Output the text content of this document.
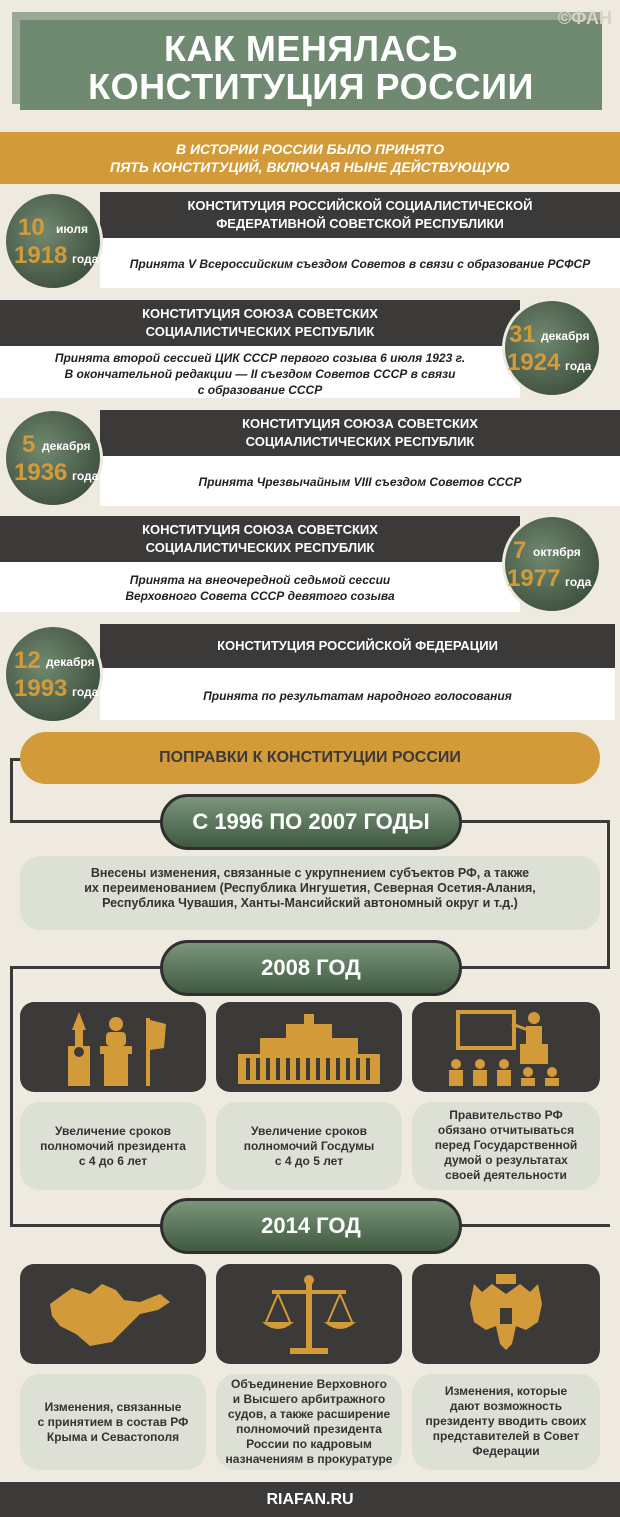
КАК МЕНЯЛАСЬ
КОНСТИТУЦИЯ РОССИИ
©ФАН
В ИСТОРИИ РОССИИ БЫЛО ПРИНЯТО
ПЯТЬ КОНСТИТУЦИЙ, ВКЛЮЧАЯ НЫНЕ ДЕЙСТВУЮЩУЮ
КОНСТИТУЦИЯ РОССИЙСКОЙ СОЦИАЛИСТИЧЕСКОЙ
ФЕДЕРАТИВНОЙ СОВЕТСКОЙ РЕСПУБЛИКИ
Принята V Всероссийским съездом Советов в связи с образование РСФСР
10 июля
1918 года
КОНСТИТУЦИЯ СОЮЗА СОВЕТСКИХ
СОЦИАЛИСТИЧЕСКИХ РЕСПУБЛИК
Принята второй сессией ЦИК СССР первого созыва 6 июля 1923 г.
В окончательной редакции — II съездом Советов СССР в связи
с образование СССР
31 декабря
1924 года
КОНСТИТУЦИЯ СОЮЗА СОВЕТСКИХ
СОЦИАЛИСТИЧЕСКИХ РЕСПУБЛИК
Принята Чрезвычайным VIII съездом Советов СССР
5 декабря
1936 года
КОНСТИТУЦИЯ СОЮЗА СОВЕТСКИХ
СОЦИАЛИСТИЧЕСКИХ РЕСПУБЛИК
Принята на внеочередной седьмой сессии
Верховного Совета СССР девятого созыва
7 октября
1977 года
КОНСТИТУЦИЯ РОССИЙСКОЙ ФЕДЕРАЦИИ
Принята по результатам народного голосования
12 декабря
1993 года
ПОПРАВКИ К КОНСТИТУЦИИ РОССИИ
С 1996 ПО 2007 ГОДЫ
Внесены изменения, связанные с укрупнением субъектов РФ, а также
их переименованием (Республика Ингушетия, Северная Осетия-Алания,
Республика Чувашия, Ханты-Мансийский автономный округ и т.д.)
2008 ГОД
Увеличение сроков
полномочий президента
с 4 до 6 лет
Увеличение сроков
полномочий Госдумы
с 4 до 5 лет
Правительство РФ
обязано отчитываться
перед Государственной
думой о результатах
своей деятельности
2014 ГОД
Изменения, связанные
с принятием в состав РФ
Крыма и Севастополя
Объединение Верховного
и Высшего арбитражного
судов, а также расширение
полномочий президента
России по кадровым
назначениям в прокуратуре
Изменения, которые
дают возможность
президенту вводить своих
представителей в Совет
Федерации
RIAFAN.RU
